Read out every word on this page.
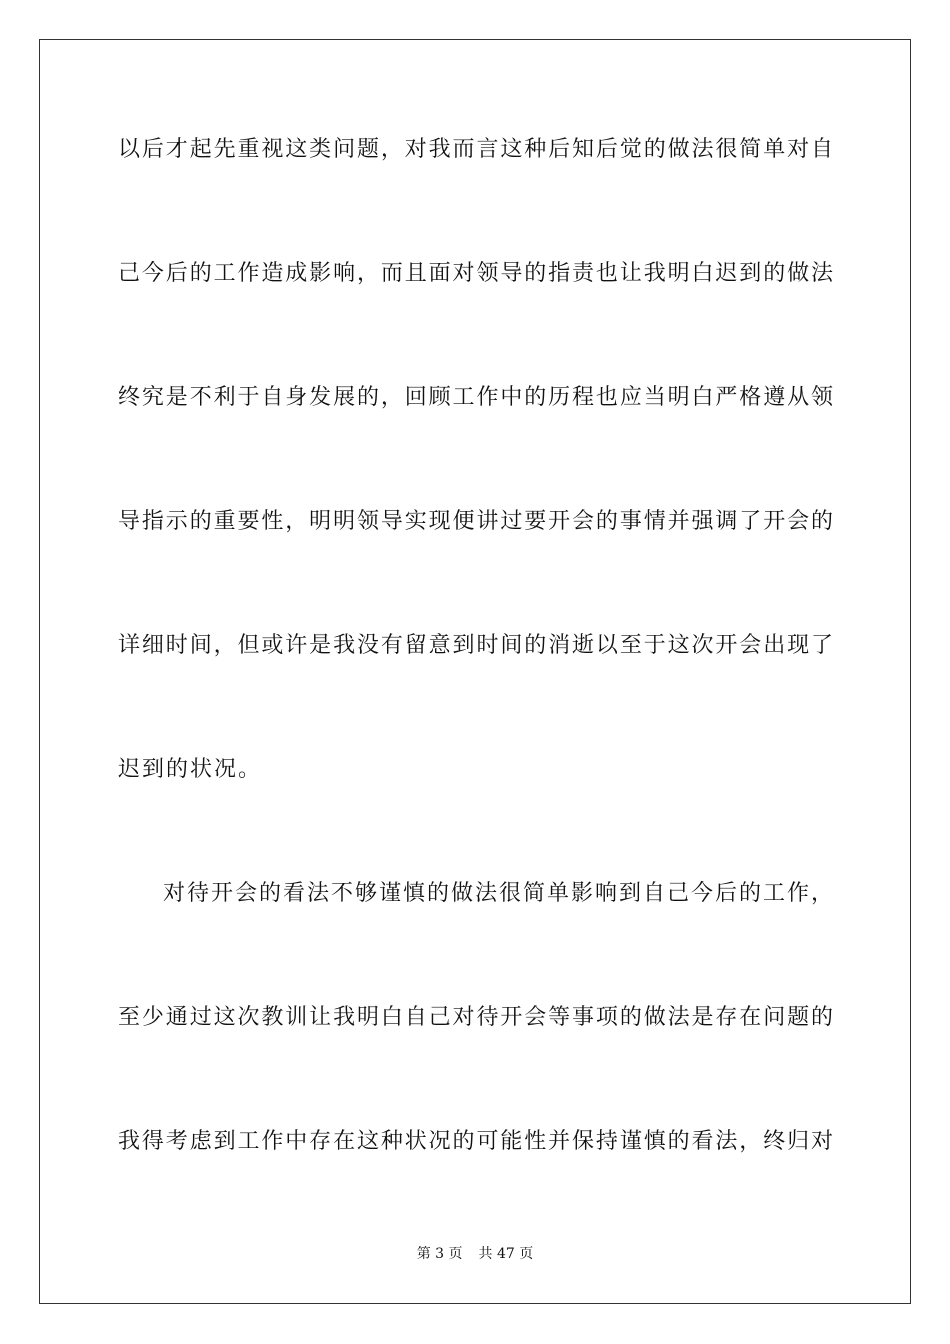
以后才起先重视这类问题，对我而言这种后知后觉的做法很简单对自
己今后的工作造成影响，而且面对领导的指责也让我明白迟到的做法
终究是不利于自身发展的，回顾工作中的历程也应当明白严格遵从领
导指示的重要性，明明领导实现便讲过要开会的事情并强调了开会的
详细时间，但或许是我没有留意到时间的消逝以至于这次开会出现了
迟到的状况。
对待开会的看法不够谨慎的做法很简单影响到自己今后的工作，
至少通过这次教训让我明白自己对待开会等事项的做法是存在问题的
我得考虑到工作中存在这种状况的可能性并保持谨慎的看法，终归对
第 3 页 共 47 页
